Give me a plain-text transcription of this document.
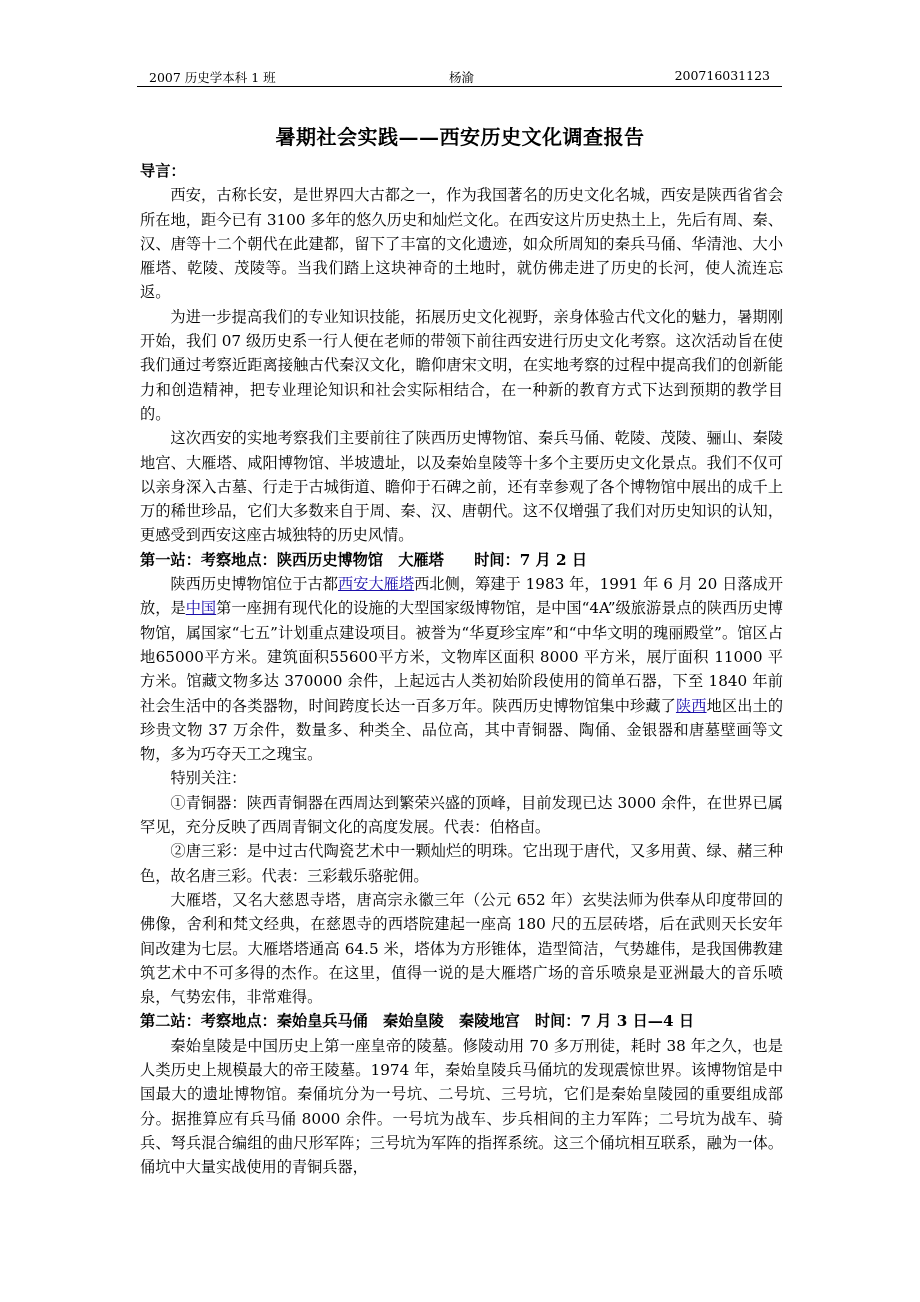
2007 历史学本科 1 班	杨渝	200716031123
暑期社会实践——西安历史文化调查报告
导言：

西安，古称长安，是世界四大古都之一，作为我国著名的历史文化名城，西安是陕西省省会所在地，距今已有 3100 多年的悠久历史和灿烂文化。在西安这片历史热土上，先后有周、秦、汉、唐等十二个朝代在此建都，留下了丰富的文化遗迹，如众所周知的秦兵马俑、华清池、大小雁塔、乾陵、茂陵等。当我们踏上这块神奇的土地时，就仿佛走进了历史的长河，使人流连忘返。

为进一步提高我们的专业知识技能，拓展历史文化视野，亲身体验古代文化的魅力，暑期刚开始，我们 07 级历史系一行人便在老师的带领下前往西安进行历史文化考察。这次活动旨在使我们通过考察近距离接触古代秦汉文化，瞻仰唐宋文明，在实地考察的过程中提高我们的创新能力和创造精神，把专业理论知识和社会实际相结合，在一种新的教育方式下达到预期的教学目的。

这次西安的实地考察我们主要前往了陕西历史博物馆、秦兵马俑、乾陵、茂陵、骊山、秦陵地宫、大雁塔、咸阳博物馆、半坡遗址，以及秦始皇陵等十多个主要历史文化景点。我们不仅可以亲身深入古墓、行走于古城街道、瞻仰于石碑之前，还有幸参观了各个博物馆中展出的成千上万的稀世珍品，它们大多数来自于周、秦、汉、唐朝代。这不仅增强了我们对历史知识的认知，更感受到西安这座古城独特的历史风情。

第一站：考察地点：陕西历史博物馆　大雁塔　　时间：7 月 2 日

陕西历史博物馆位于古都西安大雁塔西北侧，筹建于 1983 年，1991 年 6 月 20 日落成开放，是中国第一座拥有现代化的设施的大型国家级博物馆，是中国“4A”级旅游景点的陕西历史博物馆，属国家“七五”计划重点建设项目。被誉为“华夏珍宝库”和“中华文明的瑰丽殿堂”。馆区占地65000平方米。建筑面积55600平方米，文物库区面积 8000 平方米，展厅面积 11000 平方米。馆藏文物多达 370000 余件，上起远古人类初始阶段使用的简单石器，下至 1840 年前社会生活中的各类器物，时间跨度长达一百多万年。陕西历史博物馆集中珍藏了陕西地区出土的珍贵文物 37 万余件，数量多、种类全、品位高，其中青铜器、陶俑、金银器和唐墓壁画等文物，多为巧夺天工之瑰宝。

特别关注：

①青铜器：陕西青铜器在西周达到繁荣兴盛的顶峰，目前发现已达 3000 余件，在世界已属罕见，充分反映了西周青铜文化的高度发展。代表：伯格卣。

②唐三彩：是中过古代陶瓷艺术中一颗灿烂的明珠。它出现于唐代，又多用黄、绿、赭三种色，故名唐三彩。代表：三彩载乐骆驼佣。

大雁塔，又名大慈恩寺塔，唐高宗永徽三年（公元 652 年）玄奘法师为供奉从印度带回的佛像，舍利和梵文经典，在慈恩寺的西塔院建起一座高 180 尺的五层砖塔，后在武则天长安年间改建为七层。大雁塔塔通高 64.5 米，塔体为方形锥体，造型简洁，气势雄伟，是我国佛教建筑艺术中不可多得的杰作。在这里，值得一说的是大雁塔广场的音乐喷泉是亚洲最大的音乐喷泉，气势宏伟，非常难得。

第二站：考察地点：秦始皇兵马俑　秦始皇陵　秦陵地宫　时间：7 月 3 日—4 日

秦始皇陵是中国历史上第一座皇帝的陵墓。修陵动用 70 多万刑徒，耗时 38 年之久，也是人类历史上规模最大的帝王陵墓。1974 年，秦始皇陵兵马俑坑的发现震惊世界。该博物馆是中国最大的遗址博物馆。秦俑坑分为一号坑、二号坑、三号坑，它们是秦始皇陵园的重要组成部分。据推算应有兵马俑 8000 余件。一号坑为战车、步兵相间的主力军阵；二号坑为战车、骑兵、弩兵混合编组的曲尺形军阵；三号坑为军阵的指挥系统。这三个俑坑相互联系，融为一体。俑坑中大量实战使用的青铜兵器，
